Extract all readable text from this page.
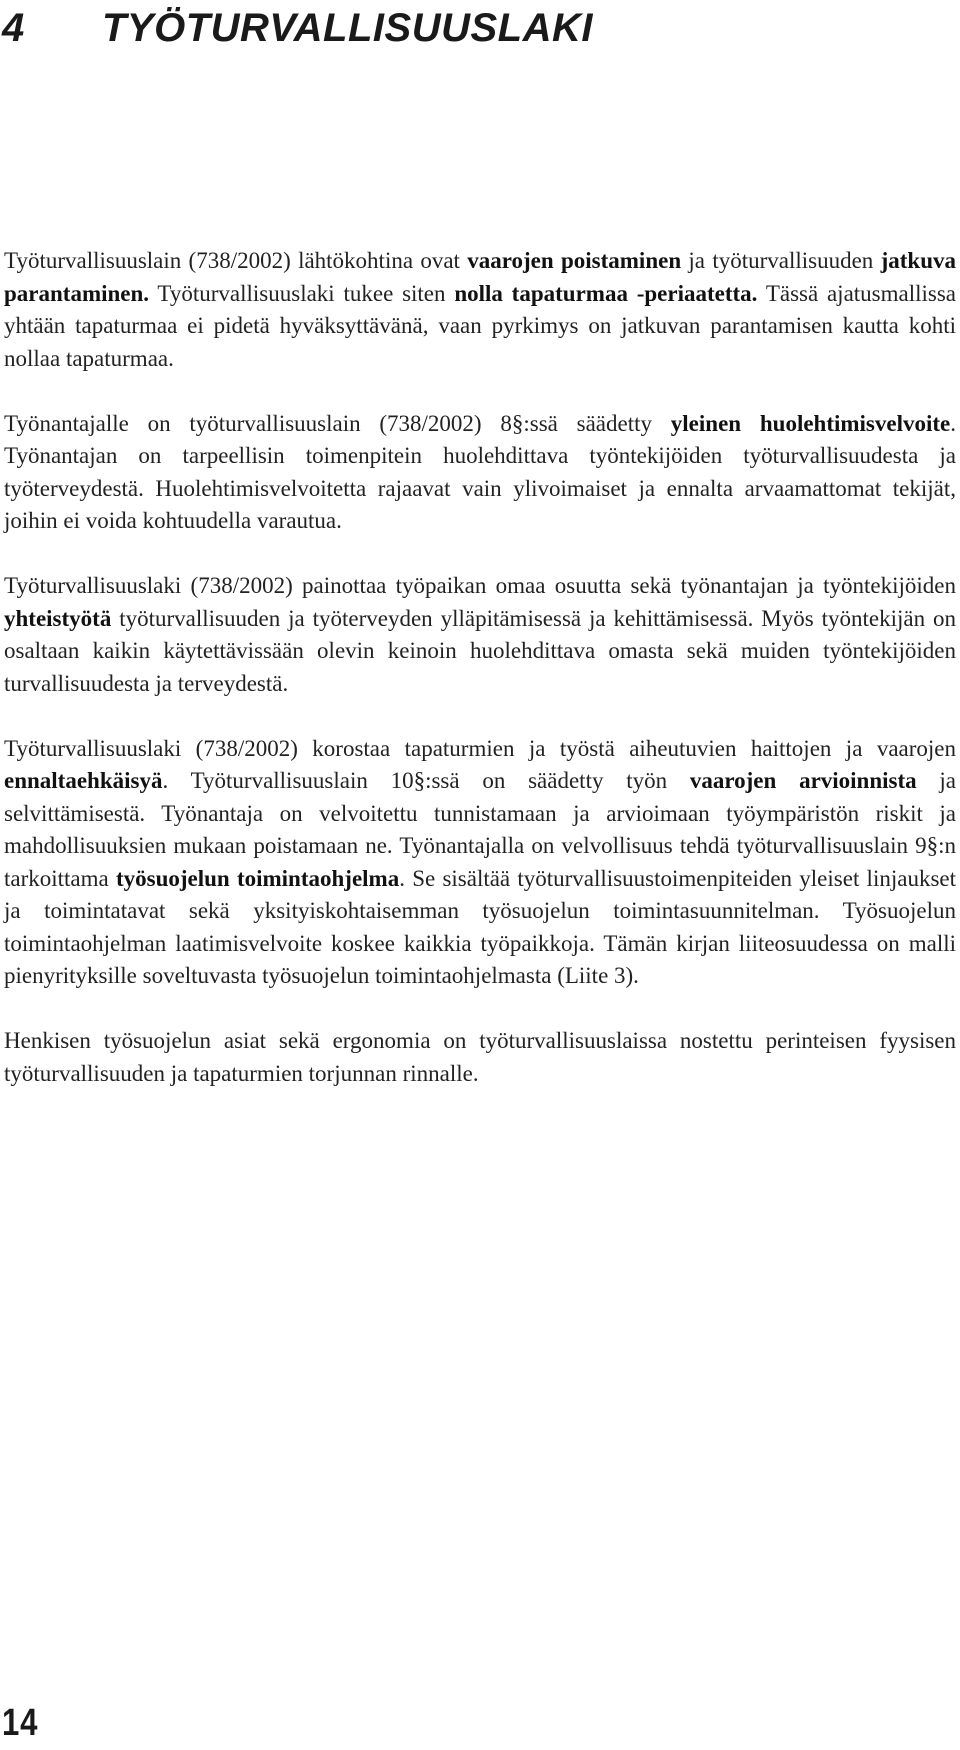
4 TYÖTURVALLISUUSLAKI

Työturvallisuuslain (738/2002) lähtökohtina ovat vaarojen poistaminen ja työturvallisuuden jatkuva parantaminen. Työturvallisuuslaki tukee siten nolla tapaturmaa -periaatetta. Tässä ajatusmallissa yhtään tapaturmaa ei pidetä hyväksyttävänä, vaan pyrkimys on jatkuvan parantamisen kautta kohti nollaa tapaturmaa.

Työnantajalle on työturvallisuuslain (738/2002) 8§:ssä säädetty yleinen huolehtimisvelvoite. Työnantajan on tarpeellisin toimenpitein huolehdittava työntekijöiden työturvallisuudesta ja työterveydestä. Huolehtimisvelvoitetta rajaavat vain ylivoimaiset ja ennalta arvaamattomat tekijät, joihin ei voida kohtuudella varautua.

Työturvallisuuslaki (738/2002) painottaa työpaikan omaa osuutta sekä työnantajan ja työntekijöiden yhteistyötä työturvallisuuden ja työterveyden ylläpitämisessä ja kehittämisessä. Myös työntekijän on osaltaan kaikin käytettävissään olevin keinoin huolehdittava omasta sekä muiden työntekijöiden turvallisuudesta ja terveydestä.

Työturvallisuuslaki (738/2002) korostaa tapaturmien ja työstä aiheutuvien haittojen ja vaarojen ennaltaehkäisyä. Työturvallisuuslain 10§:ssä on säädetty työn vaarojen arvioinnista ja selvittämisestä. Työnantaja on velvoitettu tunnistamaan ja arvioimaan työympäristön riskit ja mahdollisuuksien mukaan poistamaan ne. Työnantajalla on velvollisuus tehdä työturvallisuuslain 9§:n tarkoittama työsuojelun toimintaohjelma. Se sisältää työturvallisuustoimenpiteiden yleiset linjaukset ja toimintatavat sekä yksityiskohtaisemman työsuojelun toimintasuunnitelman. Työsuojelun toimintaohjelman laatimisvelvoite koskee kaikkia työpaikkoja. Tämän kirjan liiteosuudessa on malli pienyrityksille soveltuvasta työsuojelun toimintaohjelmasta (Liite 3).

Henkisen työsuojelun asiat sekä ergonomia on työturvallisuuslaissa nostettu perinteisen fyysisen työturvallisuuden ja tapaturmien torjunnan rinnalle.

14
